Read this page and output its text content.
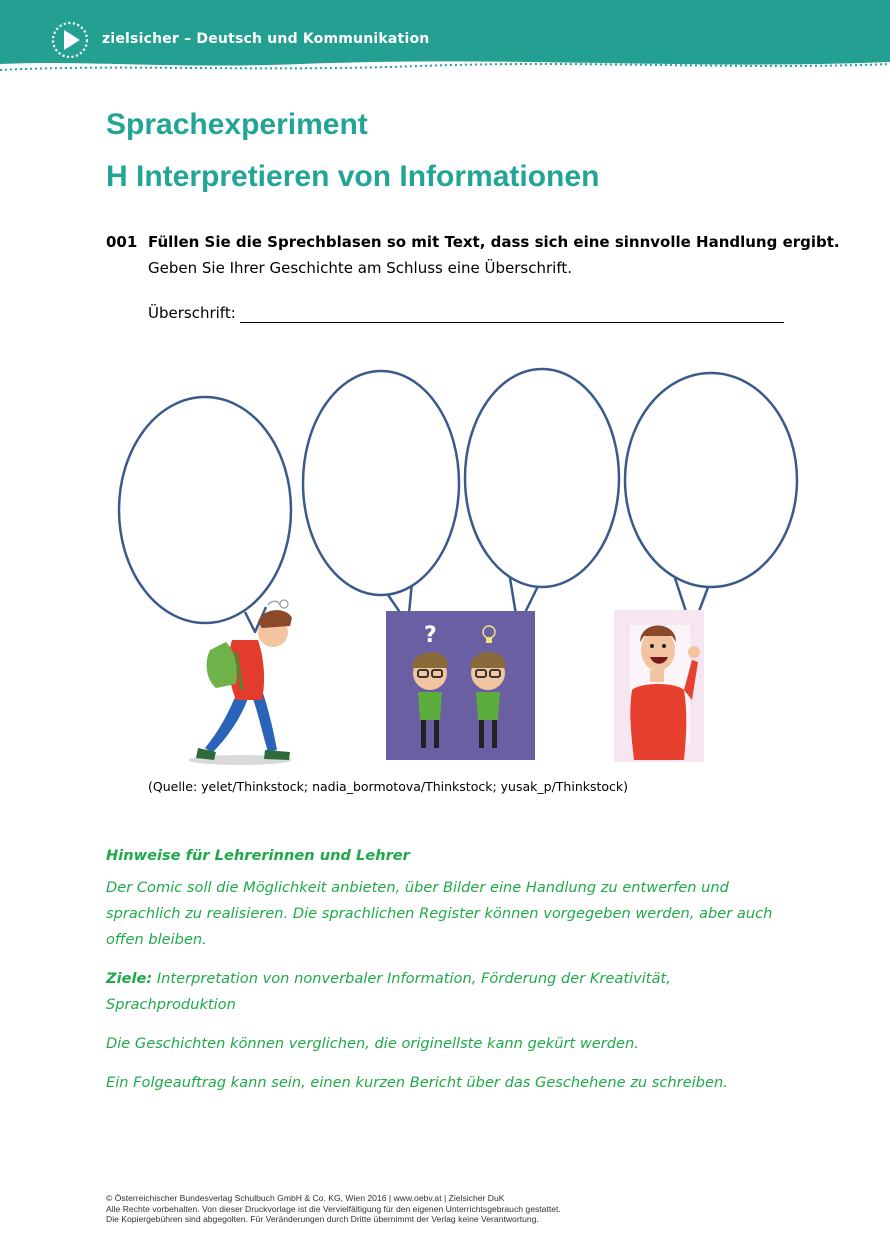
zielsicher – Deutsch und Kommunikation
Sprachexperiment
H Interpretieren von Informationen
001 Füllen Sie die Sprechblasen so mit Text, dass sich eine sinnvolle Handlung ergibt.
Geben Sie Ihrer Geschichte am Schluss eine Überschrift.
Überschrift:
?
(Quelle: yelet/Thinkstock; nadia_bormotova/Thinkstock; yusak_p/Thinkstock)

Hinweise für Lehrerinnen und Lehrer

Der Comic soll die Möglichkeit anbieten, über Bilder eine Handlung zu entwerfen und sprachlich zu realisieren. Die sprachlichen Register können vorgegeben werden, aber auch offen bleiben.

Ziele: Interpretation von nonverbaler Information, Förderung der Kreativität, Sprachproduktion

Die Geschichten können verglichen, die originellste kann gekürt werden.

Ein Folgeauftrag kann sein, einen kurzen Bericht über das Geschehene zu schreiben.

© Österreichischer Bundesverlag Schulbuch GmbH & Co. KG, Wien 2016 | www.oebv.at | Zielsicher DuK
Alle Rechte vorbehalten. Von dieser Druckvorlage ist die Vervielfältigung für den eigenen Unterrichtsgebrauch gestattet.
Die Kopiergebühren sind abgegolten. Für Veränderungen durch Dritte übernimmt der Verlag keine Verantwortung.
